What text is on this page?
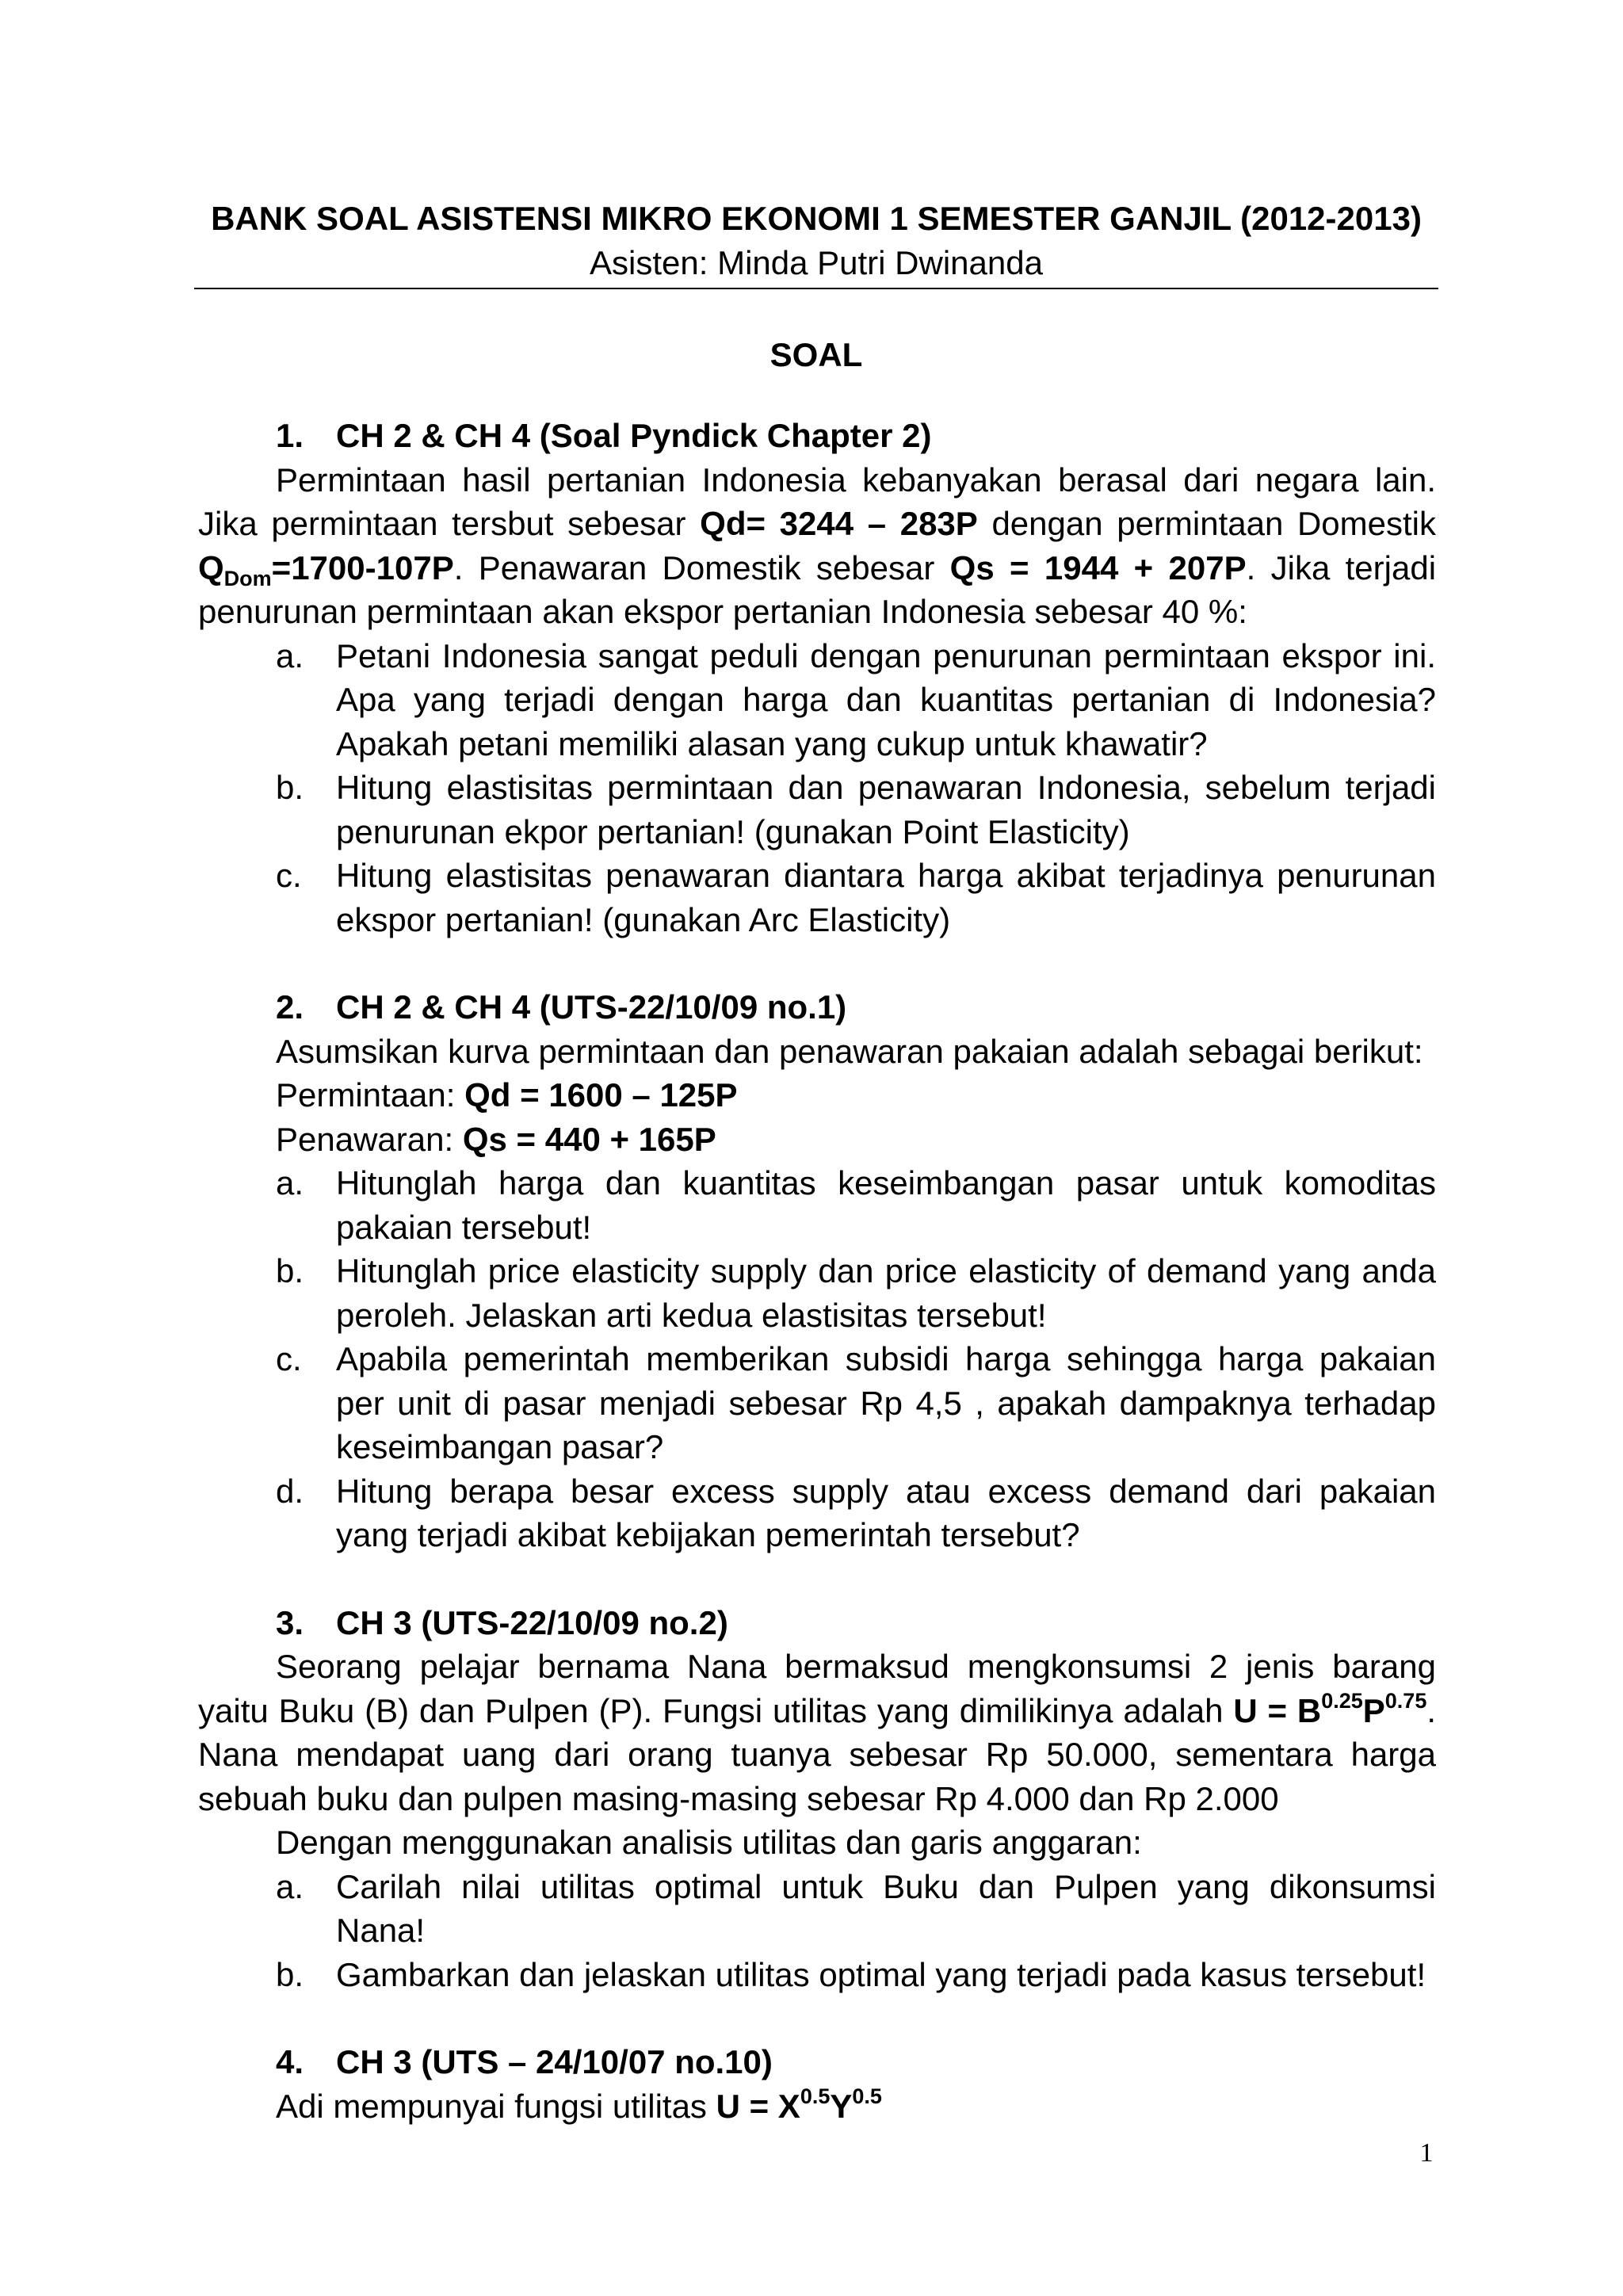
BANK SOAL ASISTENSI MIKRO EKONOMI 1 SEMESTER GANJIL (2012-2013)
Asisten: Minda Putri Dwinanda
SOAL
1. CH 2 & CH 4 (Soal Pyndick Chapter 2)
Permintaan hasil pertanian Indonesia kebanyakan berasal dari negara lain. Jika permintaan tersbut sebesar Qd= 3244 – 283P dengan permintaan Domestik $Q_{Dom}=1700-107P$. Penawaran Domestik sebesar Qs = 1944 + 207P. Jika terjadi penurunan permintaan akan ekspor pertanian Indonesia sebesar 40 %:
a. Petani Indonesia sangat peduli dengan penurunan permintaan ekspor ini. Apa yang terjadi dengan harga dan kuantitas pertanian di Indonesia? Apakah petani memiliki alasan yang cukup untuk khawatir?
b. Hitung elastisitas permintaan dan penawaran Indonesia, sebelum terjadi penurunan ekpor pertanian! (gunakan Point Elasticity)
c. Hitung elastisitas penawaran diantara harga akibat terjadinya penurunan ekspor pertanian! (gunakan Arc Elasticity)
2. CH 2 & CH 4 (UTS-22/10/09 no.1)
Asumsikan kurva permintaan dan penawaran pakaian adalah sebagai berikut:
Permintaan: Qd = 1600 – 125P
Penawaran: Qs = 440 + 165P
a. Hitunglah harga dan kuantitas keseimbangan pasar untuk komoditas pakaian tersebut!
b. Hitunglah price elasticity supply dan price elasticity of demand yang anda peroleh. Jelaskan arti kedua elastisitas tersebut!
c. Apabila pemerintah memberikan subsidi harga sehingga harga pakaian per unit di pasar menjadi sebesar Rp 4,5 , apakah dampaknya terhadap keseimbangan pasar?
d. Hitung berapa besar excess supply atau excess demand dari pakaian yang terjadi akibat kebijakan pemerintah tersebut?
3. CH 3 (UTS-22/10/09 no.2)
Seorang pelajar bernama Nana bermaksud mengkonsumsi 2 jenis barang yaitu Buku (B) dan Pulpen (P). Fungsi utilitas yang dimilikinya adalah $U = B^{0.25}P^{0.75}$. Nana mendapat uang dari orang tuanya sebesar Rp 50.000, sementara harga sebuah buku dan pulpen masing-masing sebesar Rp 4.000 dan Rp 2.000
Dengan menggunakan analisis utilitas dan garis anggaran:
a. Carilah nilai utilitas optimal untuk Buku dan Pulpen yang dikonsumsi Nana!
b. Gambarkan dan jelaskan utilitas optimal yang terjadi pada kasus tersebut!
4. CH 3 (UTS – 24/10/07 no.10)
Adi mempunyai fungsi utilitas $U = X^{0.5}Y^{0.5}$
1
